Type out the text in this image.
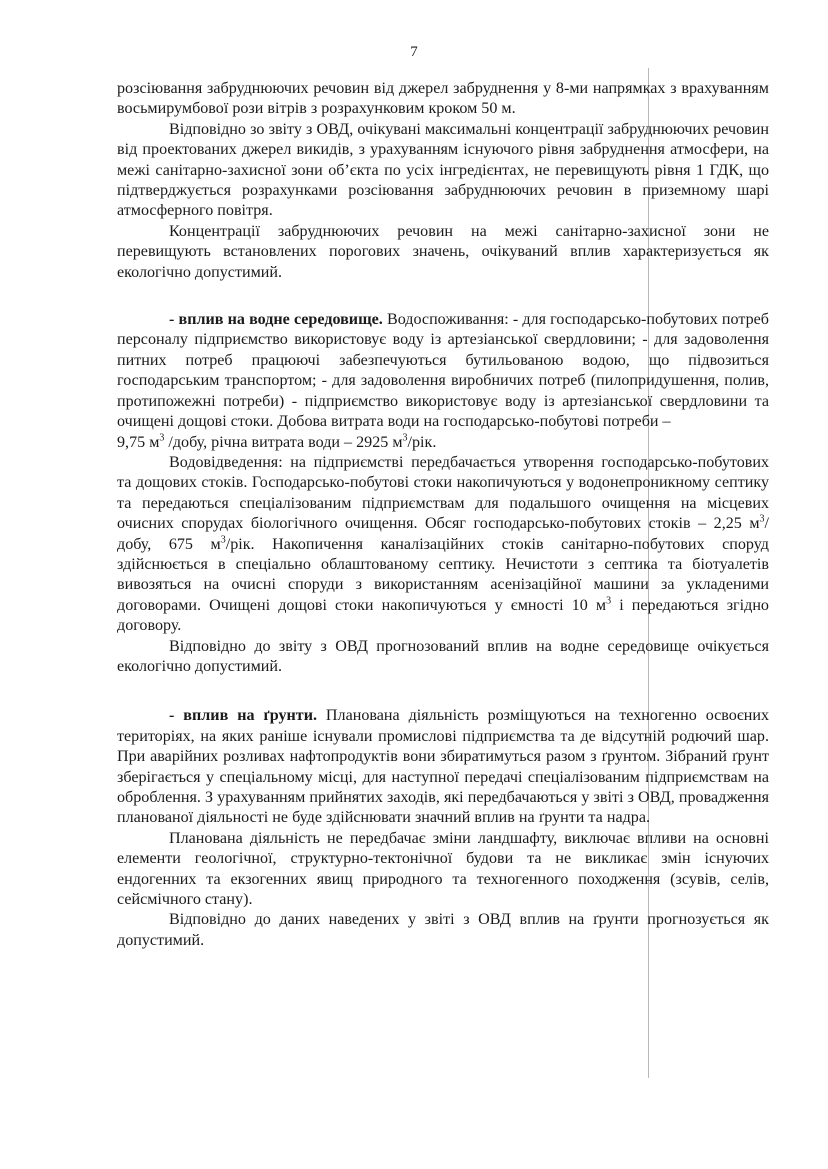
7

розсіювання забруднюючих речовин від джерел забруднення у 8-ми напрямках з врахуванням восьмирумбової рози вітрів з розрахунковим кроком 50 м.

Відповідно зо звіту з ОВД, очікувані максимальні концентрації забруднюючих речовин від проектованих джерел викидів, з урахуванням існуючого рівня забруднення атмосфери, на межі санітарно-захисної зони об’єкта по усіх інгредієнтах, не перевищують рівня 1 ГДК, що підтверджується розрахунками розсіювання забруднюючих речовин в приземному шарі атмосферного повітря.

Концентрації забруднюючих речовин на межі санітарно-захисної зони не перевищують встановлених порогових значень, очікуваний вплив характеризується як екологічно допустимий.

- вплив на водне середовище. Водоспоживання: - для господарсько-побутових потреб персоналу підприємство використовує воду із артезіанської свердловини; - для задоволення питних потреб працюючі забезпечуються бутильованою водою, що підвозиться господарським транспортом; - для задоволення виробничих потреб (пилопридушення, полив, протипожежні потреби) - підприємство використовує воду із артезіанської свердловини та очищені дощові стоки. Добова витрата води на господарсько-побутові потреби –
9,75 $м^3$ /добу, річна витрата води – 2925 $м^3$/рік.

Водовідведення: на підприємстві передбачається утворення господарсько-побутових та дощових стоків. Господарсько-побутові стоки накопичуються у водонепроникному септику та передаються спеціалізованим підприємствам для подальшого очищення на місцевих очисних спорудах біологічного очищення. Обсяг господарсько-побутових стоків – 2,25 $м^3$/добу, 675 $м^3$/рік. Накопичення каналізаційних стоків санітарно-побутових споруд здійснюється в спеціально облаштованому септику. Нечистоти з септика та біотуалетів вивозяться на очисні споруди з використанням асенізаційної машини за укладеними договорами. Очищені дощові стоки накопичуються у ємності 10 $м^3$ і передаються згідно договору.

Відповідно до звіту з ОВД прогнозований вплив на водне середовище очікується екологічно допустимий.

- вплив на ґрунти. Планована діяльність розміщуються на техногенно освоєних територіях, на яких раніше існували промислові підприємства та де відсутній родючий шар. При аварійних розливах нафтопродуктів вони збиратимуться разом з ґрунтом. Зібраний ґрунт зберігається у спеціальному місці, для наступної передачі спеціалізованим підприємствам на оброблення. З урахуванням прийнятих заходів, які передбачаються у звіті з ОВД, провадження планованої діяльності не буде здійснювати значний вплив на ґрунти та надра.

Планована діяльність не передбачає зміни ландшафту, виключає впливи на основні елементи геологічної, структурно-тектонічної будови та не викликає змін існуючих ендогенних та екзогенних явищ природного та техногенного походження (зсувів, селів, сейсмічного стану).

Відповідно до даних наведених у звіті з ОВД вплив на ґрунти прогнозується як допустимий.
